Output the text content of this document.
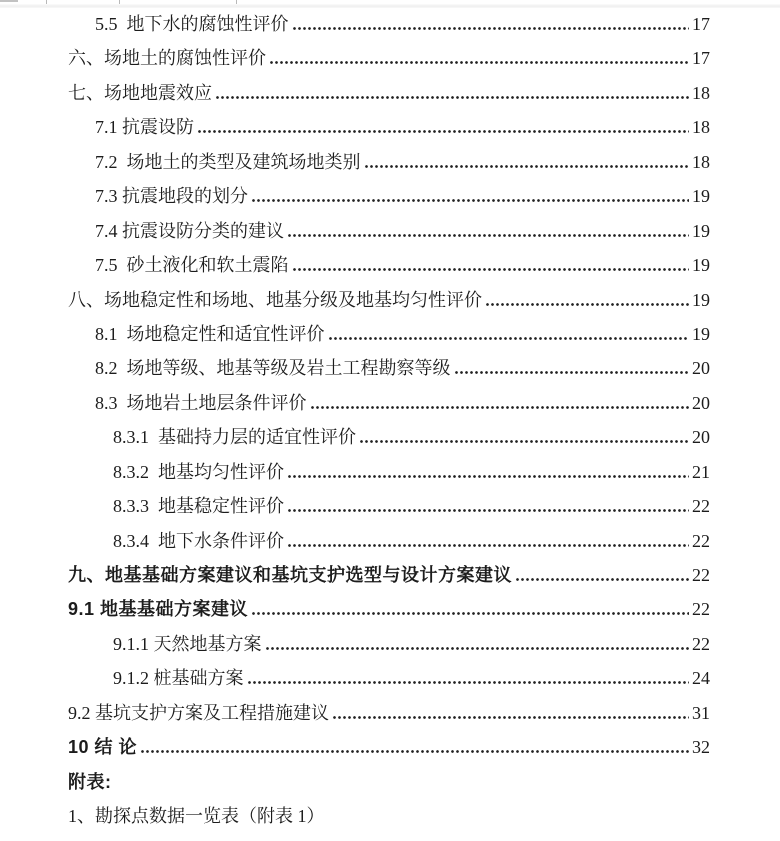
5.5  地下水的腐蚀性评价	17
六、场地土的腐蚀性评价	17
七、场地地震效应	18
7.1 抗震设防	18
7.2  场地土的类型及建筑场地类别	18
7.3 抗震地段的划分	19
7.4 抗震设防分类的建议	19
7.5  砂土液化和软土震陷	19
八、场地稳定性和场地、地基分级及地基均匀性评价	19
8.1  场地稳定性和适宜性评价	19
8.2  场地等级、地基等级及岩土工程勘察等级	20
8.3  场地岩土地层条件评价	20
8.3.1  基础持力层的适宜性评价	20
8.3.2  地基均匀性评价	21
8.3.3  地基稳定性评价	22
8.3.4  地下水条件评价	22
九、地基基础方案建议和基坑支护选型与设计方案建议	22
9.1 地基基础方案建议	22
9.1.1 天然地基方案	22
9.1.2 桩基础方案	24
9.2 基坑支护方案及工程措施建议	31
10 结 论	32
附表:
1、勘探点数据一览表（附表 1）
